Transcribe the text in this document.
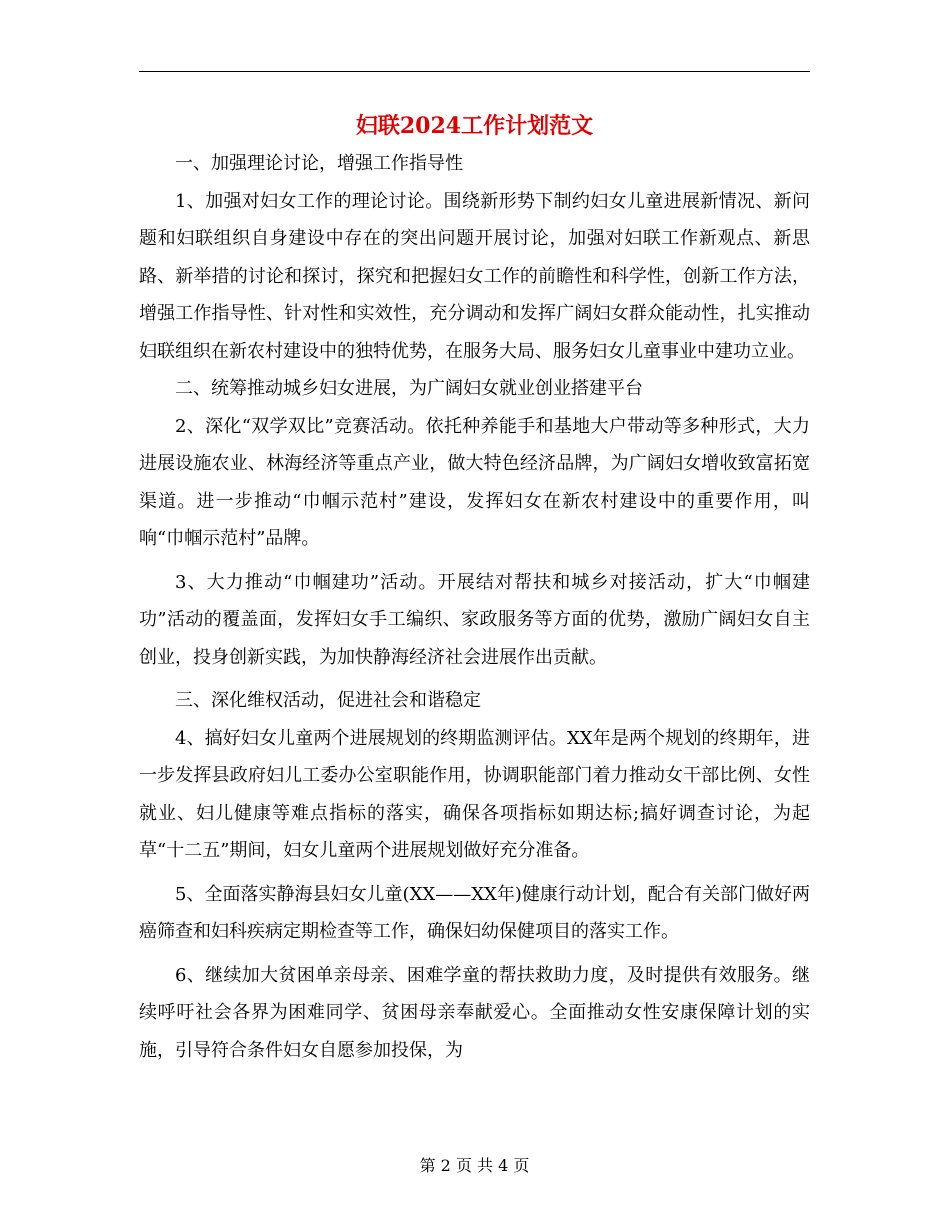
妇联2024工作计划范文

一、加强理论讨论，增强工作指导性

1、加强对妇女工作的理论讨论。围绕新形势下制约妇女儿童进展新情况、新问题和妇联组织自身建设中存在的突出问题开展讨论，加强对妇联工作新观点、新思路、新举措的讨论和探讨，探究和把握妇女工作的前瞻性和科学性，创新工作方法，增强工作指导性、针对性和实效性，充分调动和发挥广阔妇女群众能动性，扎实推动妇联组织在新农村建设中的独特优势，在服务大局、服务妇女儿童事业中建功立业。

二、统筹推动城乡妇女进展，为广阔妇女就业创业搭建平台

2、深化“双学双比”竞赛活动。依托种养能手和基地大户带动等多种形式，大力进展设施农业、林海经济等重点产业，做大特色经济品牌，为广阔妇女增收致富拓宽渠道。进一步推动“巾帼示范村”建设，发挥妇女在新农村建设中的重要作用，叫响“巾帼示范村”品牌。

3、大力推动“巾帼建功”活动。开展结对帮扶和城乡对接活动，扩大“巾帼建功”活动的覆盖面，发挥妇女手工编织、家政服务等方面的优势，激励广阔妇女自主创业，投身创新实践，为加快静海经济社会进展作出贡献。

三、深化维权活动，促进社会和谐稳定

4、搞好妇女儿童两个进展规划的终期监测评估。XX年是两个规划的终期年，进一步发挥县政府妇儿工委办公室职能作用，协调职能部门着力推动女干部比例、女性就业、妇儿健康等难点指标的落实，确保各项指标如期达标;搞好调查讨论，为起草“十二五”期间，妇女儿童两个进展规划做好充分准备。

5、全面落实静海县妇女儿童(XX——XX年)健康行动计划，配合有关部门做好两癌筛查和妇科疾病定期检查等工作，确保妇幼保健项目的落实工作。

6、继续加大贫困单亲母亲、困难学童的帮扶救助力度，及时提供有效服务。继续呼吁社会各界为困难同学、贫困母亲奉献爱心。全面推动女性安康保障计划的实施，引导符合条件妇女自愿参加投保，为

第 2 页 共 4 页
